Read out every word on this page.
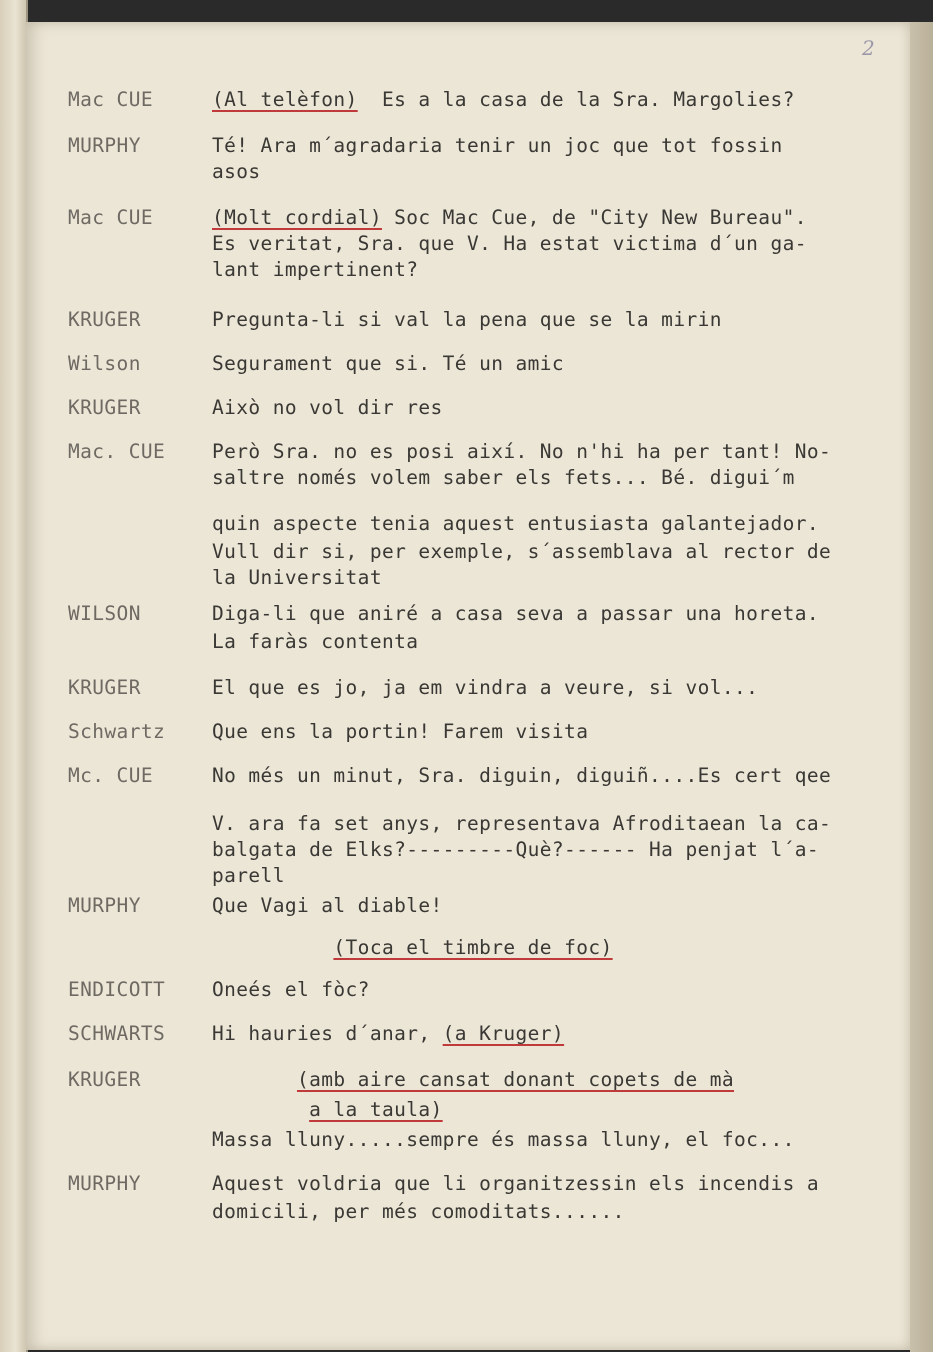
2
Mac CUE	(Al telèfon)  Es a la casa de la Sra. Margolies?
MURPHY	Té! Ara m´agradaria tenir un joc que tot fossin
asos
Mac CUE	(Molt cordial) Soc Mac Cue, de "City New Bureau".
Es veritat, Sra. que V. Ha estat victima d´un ga-
lant impertinent?
KRUGER	Pregunta-li si val la pena que se la mirin
Wilson	Segurament que si. Té un amic
KRUGER	Això no vol dir res
Mac. CUE Però Sra. no es posi així. No n'hi ha per tant! No-
saltre només volem saber els fets... Bé. digui´m
quin aspecte tenia aquest entusiasta galantejador.
Vull dir si, per exemple, s´assemblava al rector de
la Universitat
WILSON	Diga-li que aniré a casa seva a passar una horeta.
La faràs contenta
KRUGER	El que es jo, ja em vindra a veure, si vol...
Schwartz Que ens la portin! Farem visita
Mc. CUE	No més un minut, Sra. diguin, diguiñ....Es cert qee
V. ara fa set anys, representava Afroditaean la ca-
balgata de Elks?---------Què?------ Ha penjat l´a-
parell
MURPHY	Que Vagi al diable!
(Toca el timbre de foc)
ENDICOTT Oneés el fòc?
SCHWARTS Hi hauries d´anar, (a Kruger)
KRUGER	(amb aire cansat donant copets de mà
a la taula)
Massa lluny.....sempre és massa lluny, el foc...
MURPHY	Aquest voldria que li organitzessin els incendis a
domicili, per més comoditats......
